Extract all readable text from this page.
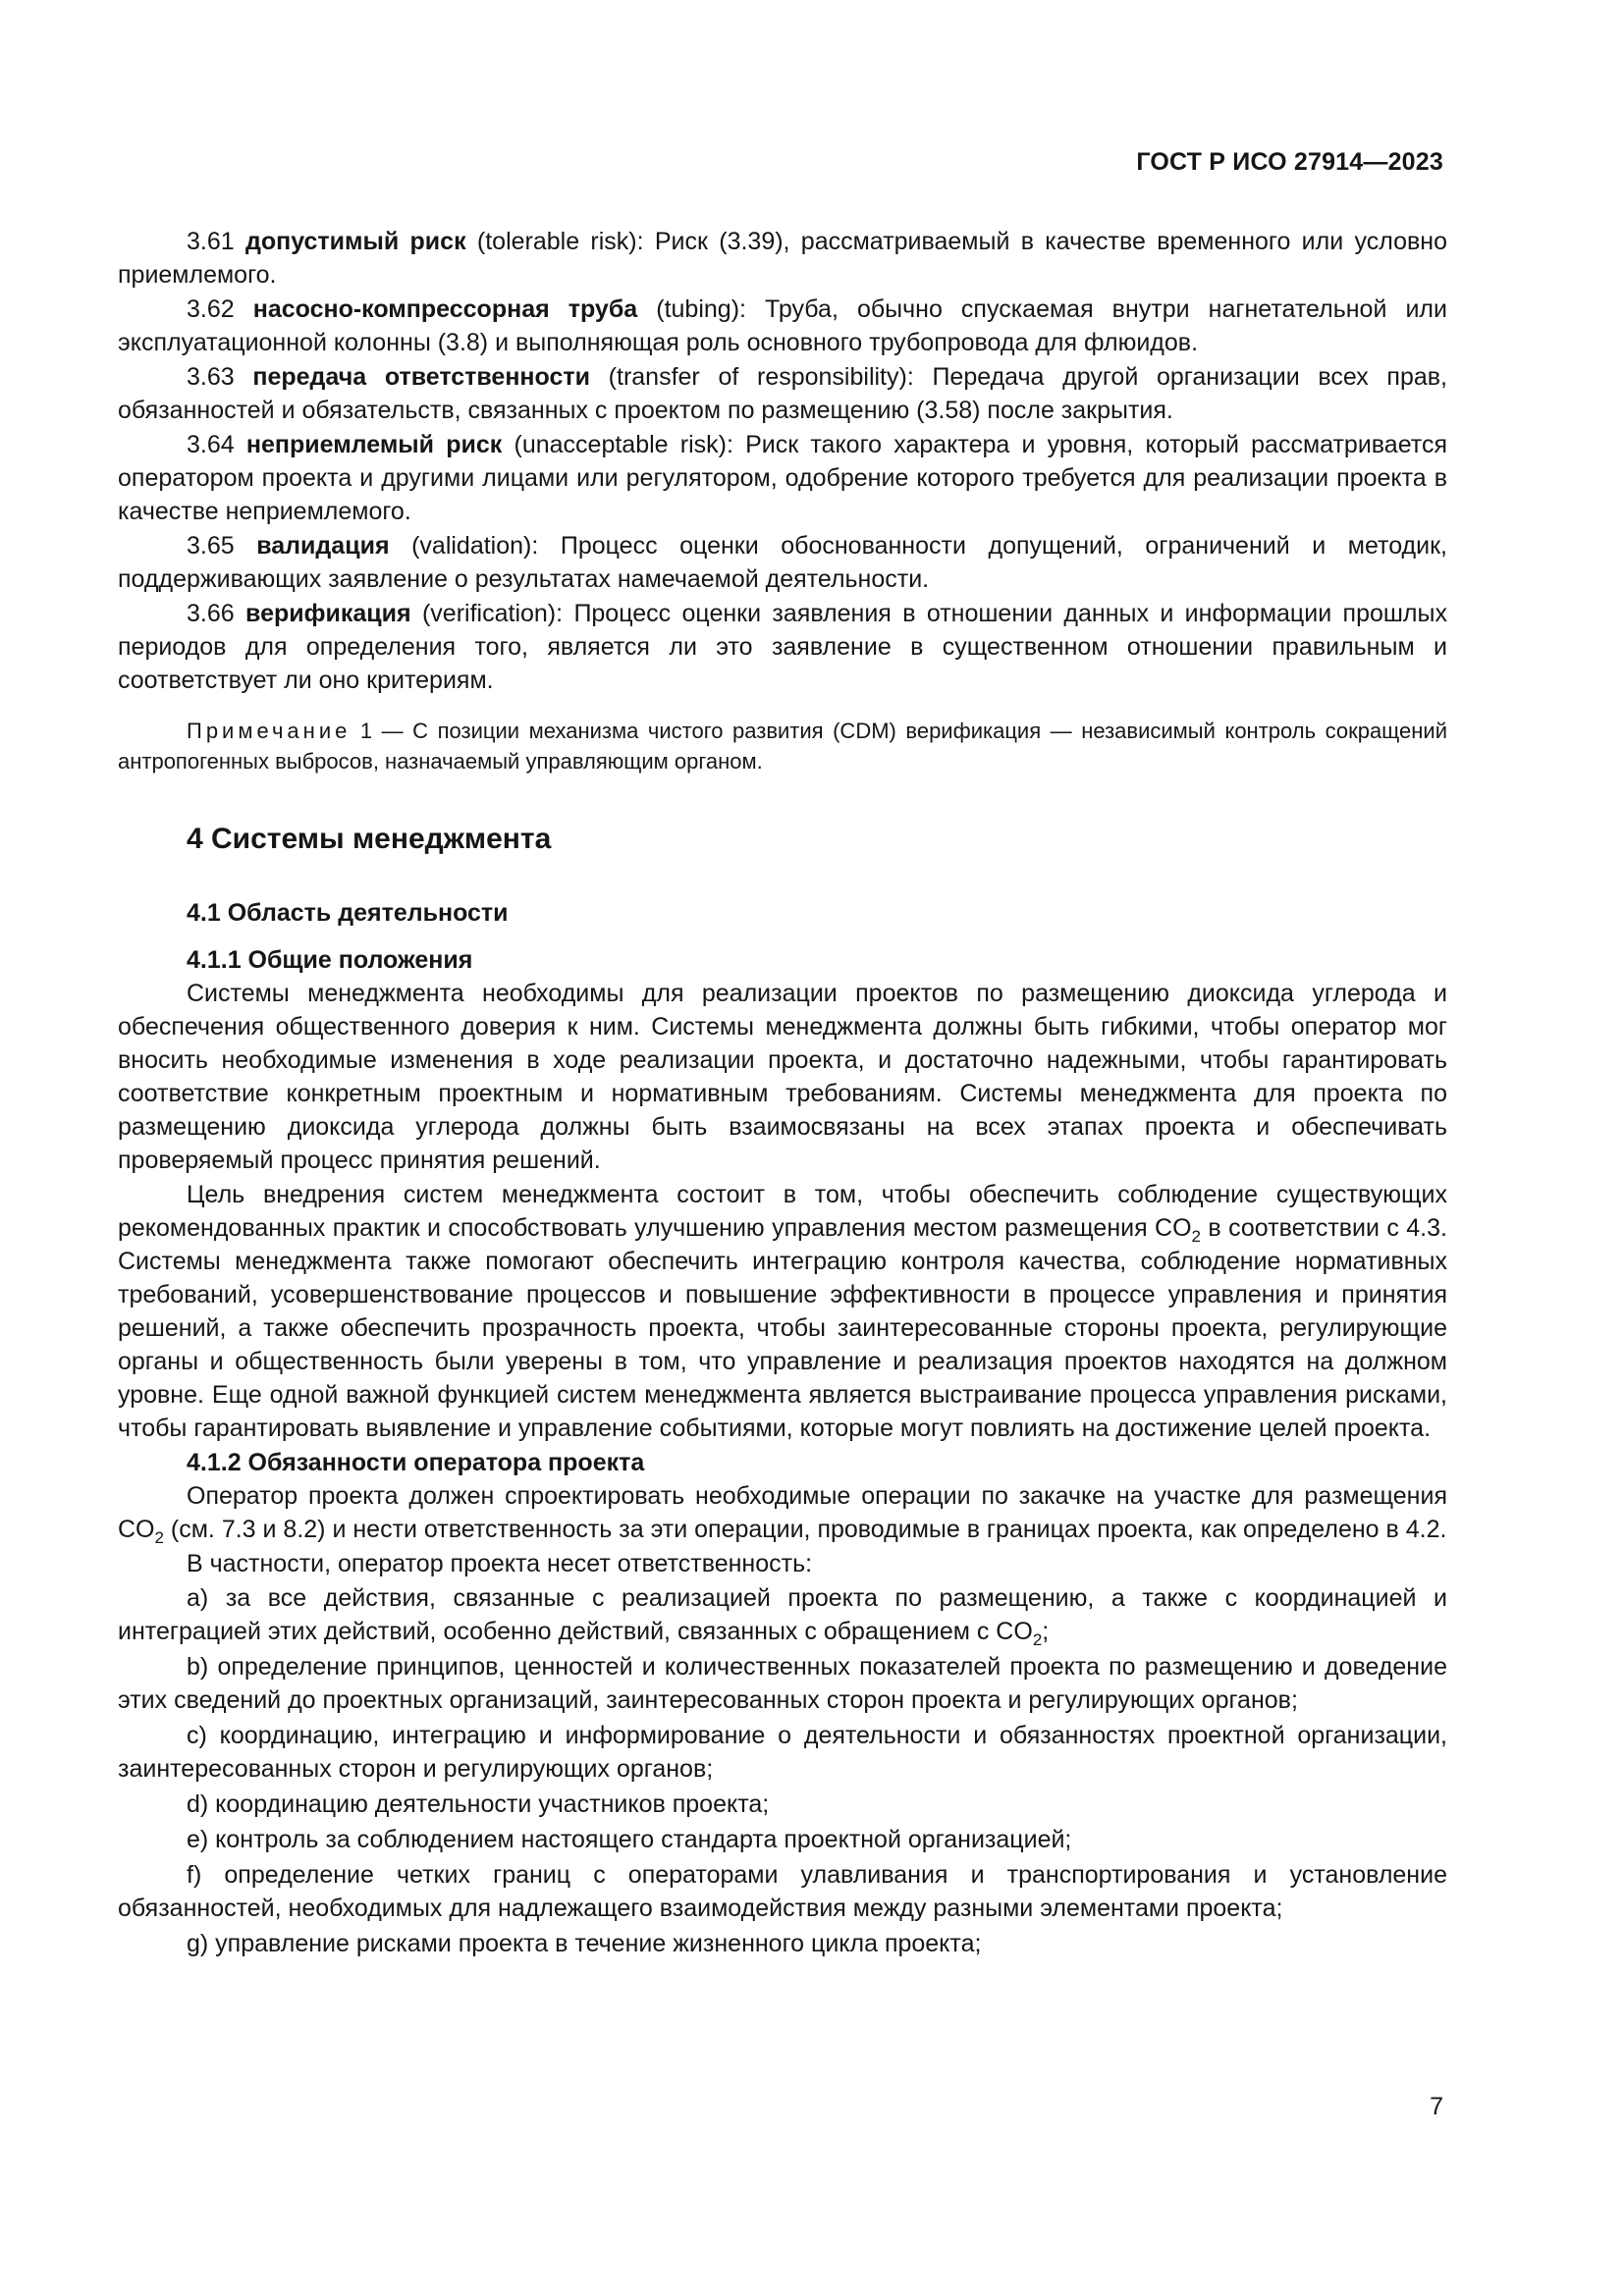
ГОСТ Р ИСО 27914—2023

3.61 допустимый риск (tolerable risk): Риск (3.39), рассматриваемый в качестве временного или условно приемлемого.

3.62 насосно-компрессорная труба (tubing): Труба, обычно спускаемая внутри нагнетательной или эксплуатационной колонны (3.8) и выполняющая роль основного трубопровода для флюидов.

3.63 передача ответственности (transfer of responsibility): Передача другой организации всех прав, обязанностей и обязательств, связанных с проектом по размещению (3.58) после закрытия.

3.64 неприемлемый риск (unacceptable risk): Риск такого характера и уровня, который рассматривается оператором проекта и другими лицами или регулятором, одобрение которого требуется для реализации проекта в качестве неприемлемого.

3.65 валидация (validation): Процесс оценки обоснованности допущений, ограничений и методик, поддерживающих заявление о результатах намечаемой деятельности.

3.66 верификация (verification): Процесс оценки заявления в отношении данных и информации прошлых периодов для определения того, является ли это заявление в существенном отношении правильным и соответствует ли оно критериям.

Примечание 1 — С позиции механизма чистого развития (CDM) верификация — независимый контроль сокращений антропогенных выбросов, назначаемый управляющим органом.

4 Системы менеджмента
4.1 Область деятельности
4.1.1 Общие положения

Системы менеджмента необходимы для реализации проектов по размещению диоксида углерода и обеспечения общественного доверия к ним. Системы менеджмента должны быть гибкими, чтобы оператор мог вносить необходимые изменения в ходе реализации проекта, и достаточно надежными, чтобы гарантировать соответствие конкретным проектным и нормативным требованиям. Системы менеджмента для проекта по размещению диоксида углерода должны быть взаимосвязаны на всех этапах проекта и обеспечивать проверяемый процесс принятия решений.

Цель внедрения систем менеджмента состоит в том, чтобы обеспечить соблюдение существующих рекомендованных практик и способствовать улучшению управления местом размещения $CO_2$ в соответствии с 4.3. Системы менеджмента также помогают обеспечить интеграцию контроля качества, соблюдение нормативных требований, усовершенствование процессов и повышение эффективности в процессе управления и принятия решений, а также обеспечить прозрачность проекта, чтобы заинтересованные стороны проекта, регулирующие органы и общественность были уверены в том, что управление и реализация проектов находятся на должном уровне. Еще одной важной функцией систем менеджмента является выстраивание процесса управления рисками, чтобы гарантировать выявление и управление событиями, которые могут повлиять на достижение целей проекта.

4.1.2 Обязанности оператора проекта

Оператор проекта должен спроектировать необходимые операции по закачке на участке для размещения $CO_2$ (см. 7.3 и 8.2) и нести ответственность за эти операции, проводимые в границах проекта, как определено в 4.2.

В частности, оператор проекта несет ответственность:

a) за все действия, связанные с реализацией проекта по размещению, а также с координацией и интеграцией этих действий, особенно действий, связанных с обращением с $CO_2$;

b) определение принципов, ценностей и количественных показателей проекта по размещению и доведение этих сведений до проектных организаций, заинтересованных сторон проекта и регулирующих органов;

c) координацию, интеграцию и информирование о деятельности и обязанностях проектной организации, заинтересованных сторон и регулирующих органов;

d) координацию деятельности участников проекта;

e) контроль за соблюдением настоящего стандарта проектной организацией;

f) определение четких границ с операторами улавливания и транспортирования и установление обязанностей, необходимых для надлежащего взаимодействия между разными элементами проекта;

g) управление рисками проекта в течение жизненного цикла проекта;

7
